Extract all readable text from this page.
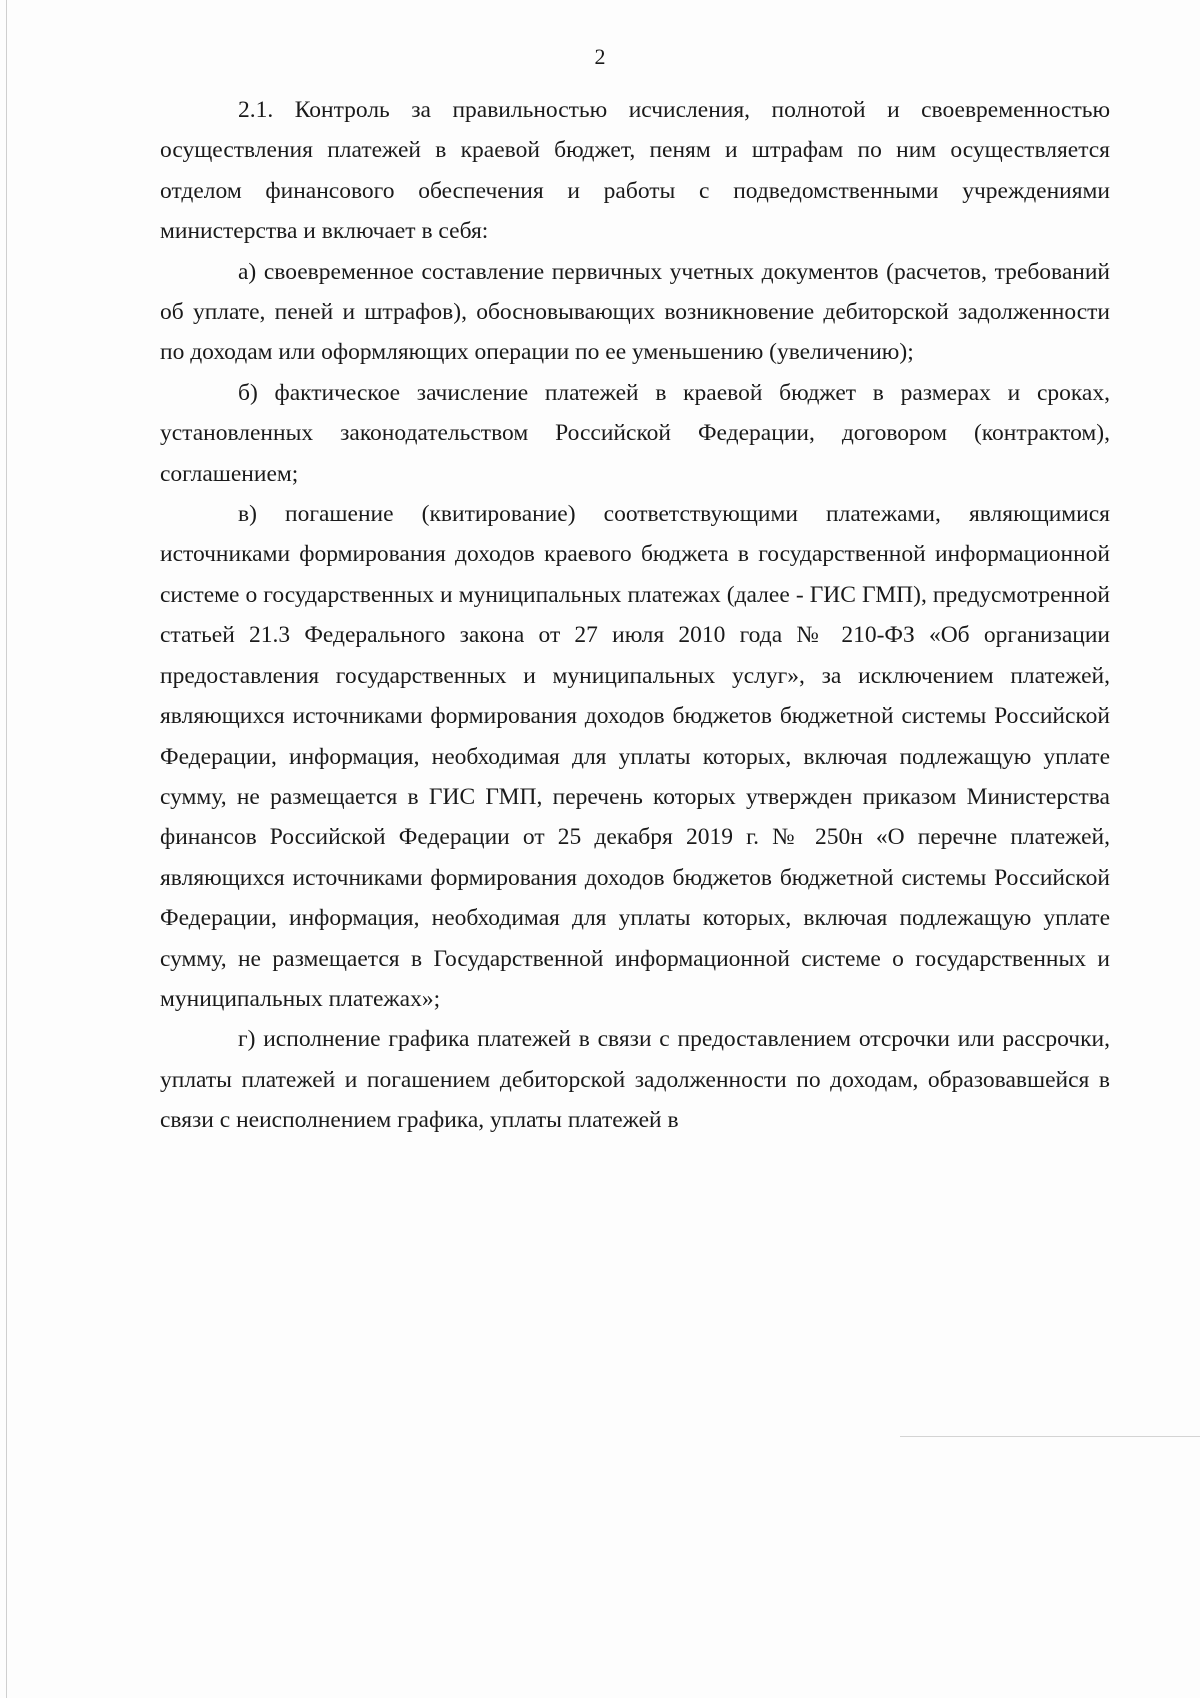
2

2.1. Контроль за правильностью исчисления, полнотой и своевременностью осуществления платежей в краевой бюджет, пеням и штрафам по ним осуществляется отделом финансового обеспечения и работы с подведомственными учреждениями министерства и включает в себя:

а) своевременное составление первичных учетных документов (расчетов, требований об уплате, пеней и штрафов), обосновывающих возникновение дебиторской задолженности по доходам или оформляющих операции по ее уменьшению (увеличению);

б) фактическое зачисление платежей в краевой бюджет в размерах и сроках, установленных законодательством Российской Федерации, договором (контрактом), соглашением;

в) погашение (квитирование) соответствующими платежами, являющимися источниками формирования доходов краевого бюджета в государственной информационной системе о государственных и муниципальных платежах (далее - ГИС ГМП), предусмотренной статьей 21.3 Федерального закона от 27 июля 2010 года № 210-ФЗ «Об организации предоставления государственных и муниципальных услуг», за исключением платежей, являющихся источниками формирования доходов бюджетов бюджетной системы Российской Федерации, информация, необходимая для уплаты которых, включая подлежащую уплате сумму, не размещается в ГИС ГМП, перечень которых утвержден приказом Министерства финансов Российской Федерации от 25 декабря 2019 г. № 250н «О перечне платежей, являющихся источниками формирования доходов бюджетов бюджетной системы Российской Федерации, информация, необходимая для уплаты которых, включая подлежащую уплате сумму, не размещается в Государственной информационной системе о государственных и муниципальных платежах»;

г) исполнение графика платежей в связи с предоставлением отсрочки или рассрочки, уплаты платежей и погашением дебиторской задолженности по доходам, образовавшейся в связи с неисполнением графика, уплаты платежей в
